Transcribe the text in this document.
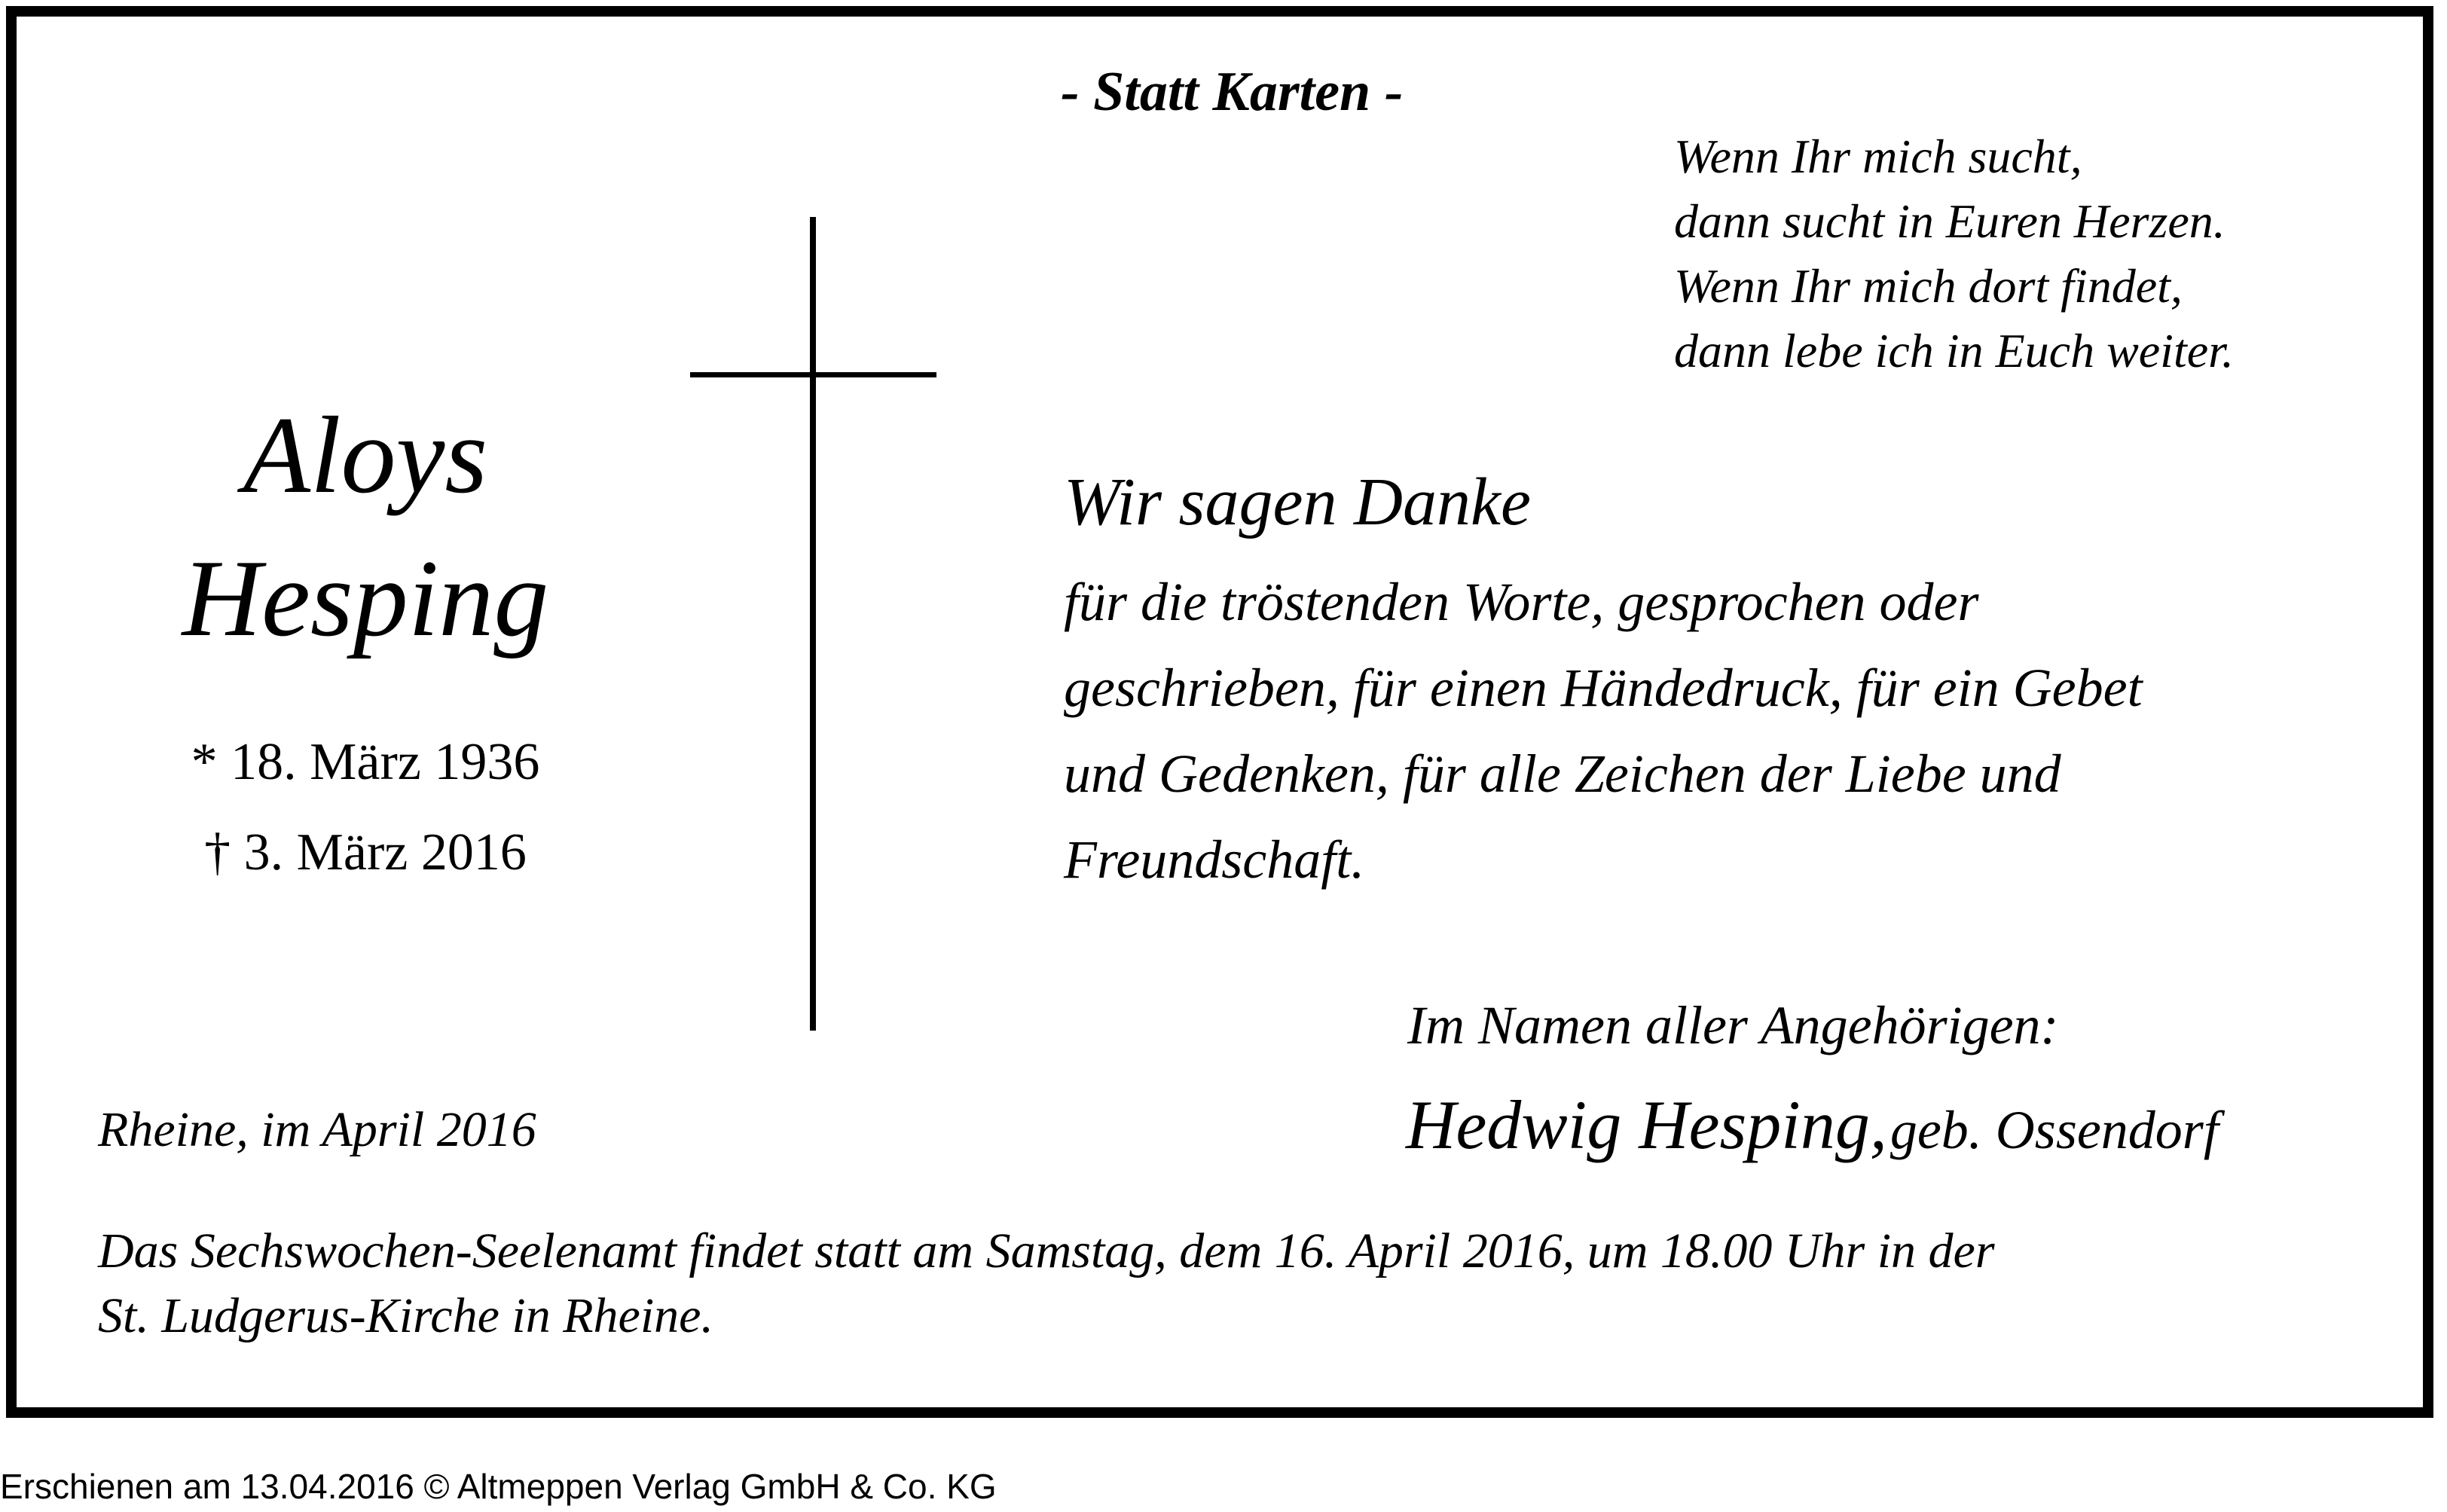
- Statt Karten -
Wenn Ihr mich sucht,
dann sucht in Euren Herzen.
Wenn Ihr mich dort findet,
dann lebe ich in Euch weiter.
Aloys
Hesping
* 18. März 1936
† 3. März 2016
Wir sagen Danke
für die tröstenden Worte, gesprochen oder
geschrieben, für einen Händedruck, für ein Gebet
und Gedenken, für alle Zeichen der Liebe und
Freundschaft.
Im Namen aller Angehörigen:
Hedwig Hesping, geb. Ossendorf
Rheine, im April 2016
Das Sechswochen-Seelenamt findet statt am Samstag, dem 16. April 2016, um 18.00 Uhr in der
St. Ludgerus-Kirche in Rheine.
Erschienen am 13.04.2016 © Altmeppen Verlag GmbH & Co. KG
